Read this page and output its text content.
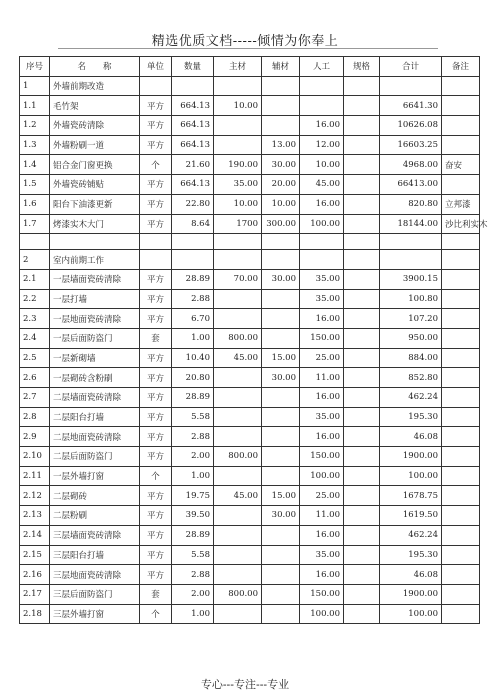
精选优质文档-----倾情为你奉上
序号	名　　称	单位	数量	主材	辅材	人工	规格	合计	备注
1	外墙前期改造								
1.1	毛竹架	平方	664.13	10.00				6641.30	
1.2	外墙瓷砖清除	平方	664.13			16.00		10626.08	
1.3	外墙粉刷一道	平方	664.13		13.00	12.00		16603.25	
1.4	铝合金门窗更换	个	21.60	190.00	30.00	10.00		4968.00	奋安
1.5	外墙瓷砖铺贴	平方	664.13	35.00	20.00	45.00		66413.00	
1.6	阳台下油漆更新	平方	22.80	10.00	10.00	16.00		820.80	立邦漆
1.7	烤漆实木大门	平方	8.64	1700	300.00	100.00		18144.00	沙比利实木

2	室内前期工作								
2.1	一层墙面瓷砖清除	平方	28.89	70.00	30.00	35.00		3900.15	
2.2	一层打墙	平方	2.88			35.00		100.80	
2.3	一层地面瓷砖清除	平方	6.70			16.00		107.20	
2.4	一层后面防盗门	套	1.00	800.00		150.00		950.00	
2.5	一层新砌墙	平方	10.40	45.00	15.00	25.00		884.00	
2.6	一层砌砖含粉刷	平方	20.80		30.00	11.00		852.80	
2.7	二层墙面瓷砖清除	平方	28.89			16.00		462.24	
2.8	二层阳台打墙	平方	5.58			35.00		195.30	
2.9	二层地面瓷砖清除	平方	2.88			16.00		46.08	
2.10	二层后面防盗门	平方	2.00	800.00		150.00		1900.00	
2.11	一层外墙打窗	个	1.00			100.00		100.00	
2.12	二层砌砖	平方	19.75	45.00	15.00	25.00		1678.75	
2.13	二层粉刷	平方	39.50		30.00	11.00		1619.50	
2.14	三层墙面瓷砖清除	平方	28.89			16.00		462.24	
2.15	三层阳台打墙	平方	5.58			35.00		195.30	
2.16	三层地面瓷砖清除	平方	2.88			16.00		46.08	
2.17	三层后面防盗门	套	2.00	800.00		150.00		1900.00	
2.18	三层外墙打窗	个	1.00			100.00		100.00	
专心---专注---专业
